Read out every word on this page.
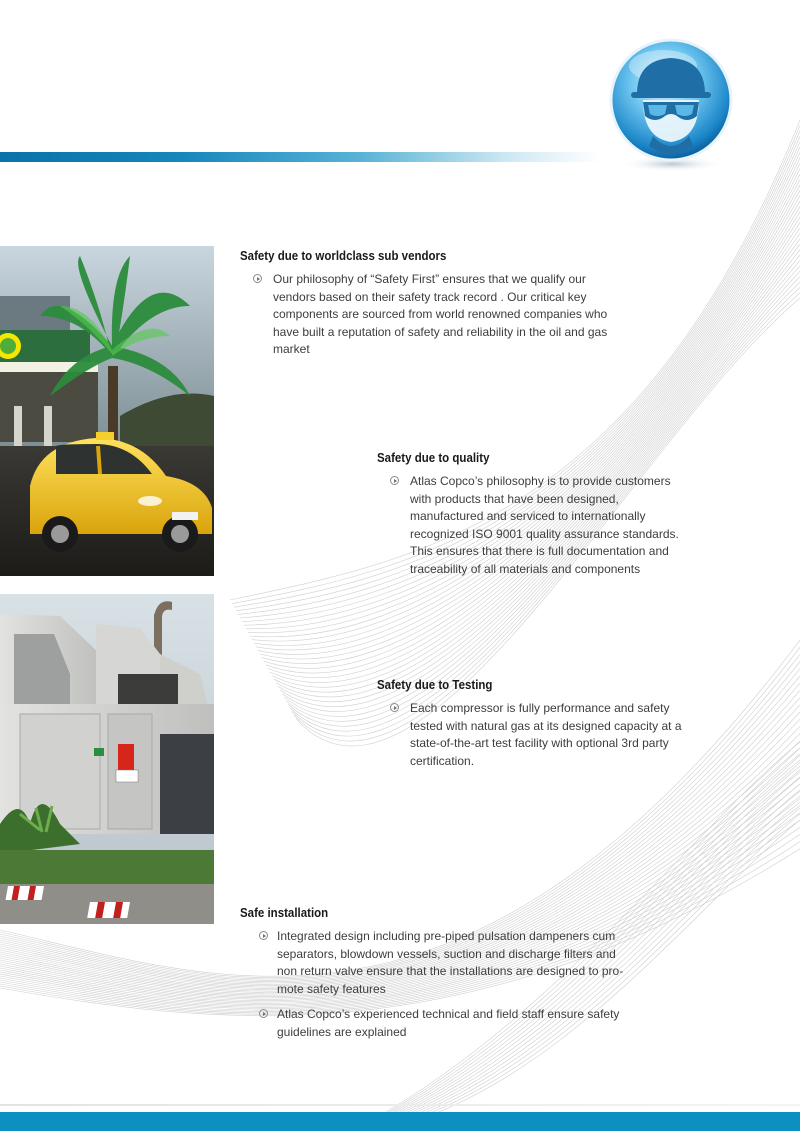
Safety due to worldclass sub vendors
Our philosophy of “Safety First” ensures that we qualify our vendors based on their safety track record . Our critical key components are sourced from world renowned companies who have built a reputation of safety and reliability in the oil and gas market
Safety due to quality
Atlas Copco’s philosophy is to provide customers with products that have been designed, manufactured and serviced to internationally recognized ISO 9001 quality assurance standards. This ensures that there is full documentation and traceability of all materials and components
Safety due to Testing
Each compressor is fully performance and safety tested with natural gas at its designed capacity at a state-of-the-art test facility with optional 3rd party certification.
Safe installation
Integrated design including pre-piped pulsation dampeners cum separators, blowdown vessels, suction and discharge filters and non return valve ensure that the installations are designed to pro-mote safety features
Atlas Copco’s experienced technical and field staff ensure safety guidelines are explained
